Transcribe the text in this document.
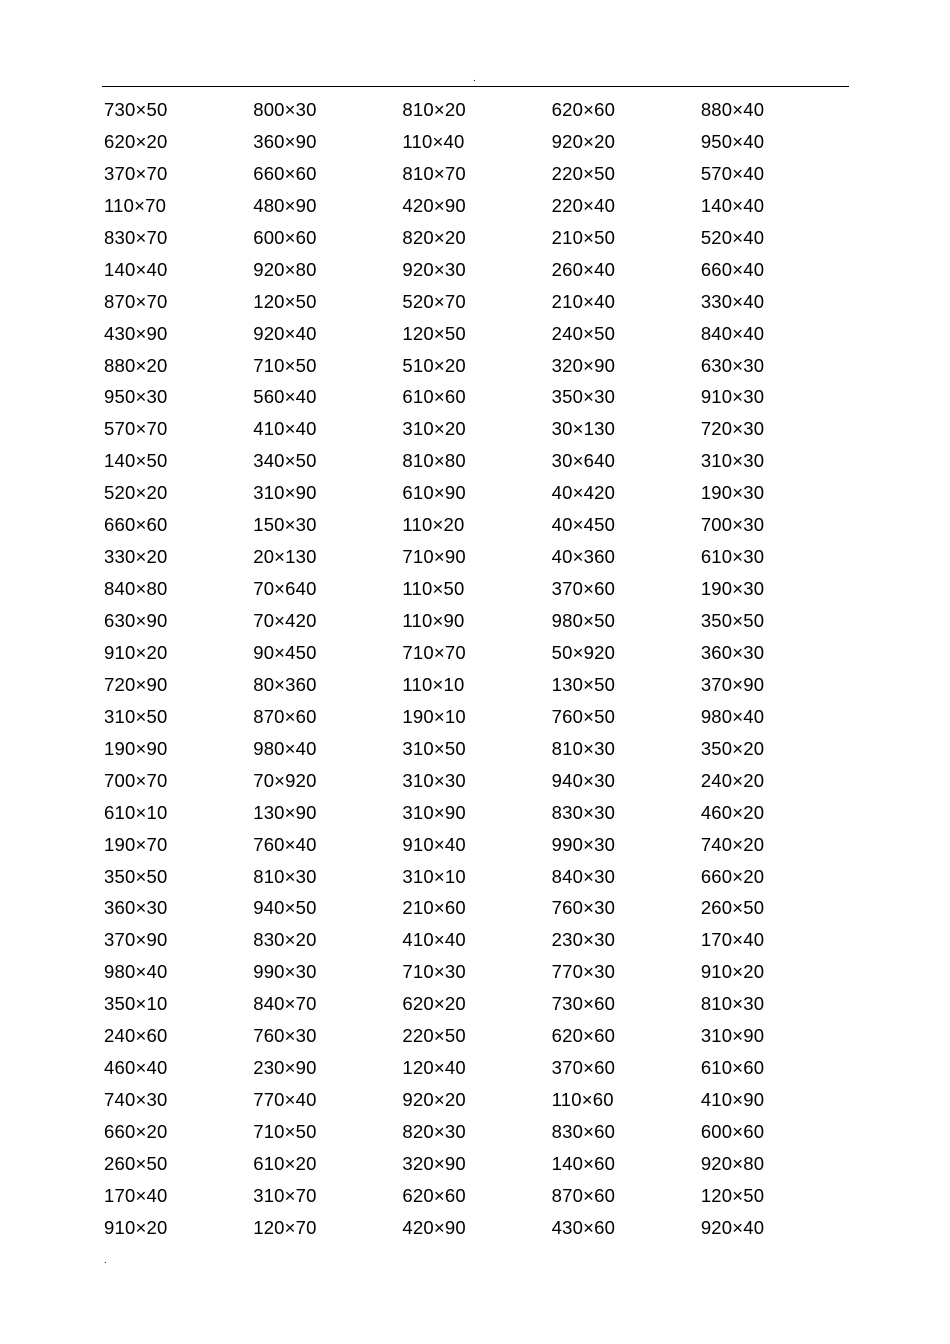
.
730×50	800×30	810×20	620×60	880×40
620×20	360×90	110×40	920×20	950×40
370×70	660×60	810×70	220×50	570×40
110×70	480×90	420×90	220×40	140×40
830×70	600×60	820×20	210×50	520×40
140×40	920×80	920×30	260×40	660×40
870×70	120×50	520×70	210×40	330×40
430×90	920×40	120×50	240×50	840×40
880×20	710×50	510×20	320×90	630×30
950×30	560×40	610×60	350×30	910×30
570×70	410×40	310×20	30×130	720×30
140×50	340×50	810×80	30×640	310×30
520×20	310×90	610×90	40×420	190×30
660×60	150×30	110×20	40×450	700×30
330×20	20×130	710×90	40×360	610×30
840×80	70×640	110×50	370×60	190×30
630×90	70×420	110×90	980×50	350×50
910×20	90×450	710×70	50×920	360×30
720×90	80×360	110×10	130×50	370×90
310×50	870×60	190×10	760×50	980×40
190×90	980×40	310×50	810×30	350×20
700×70	70×920	310×30	940×30	240×20
610×10	130×90	310×90	830×30	460×20
190×70	760×40	910×40	990×30	740×20
350×50	810×30	310×10	840×30	660×20
360×30	940×50	210×60	760×30	260×50
370×90	830×20	410×40	230×30	170×40
980×40	990×30	710×30	770×30	910×20
350×10	840×70	620×20	730×60	810×30
240×60	760×30	220×50	620×60	310×90
460×40	230×90	120×40	370×60	610×60
740×30	770×40	920×20	110×60	410×90
660×20	710×50	820×30	830×60	600×60
260×50	610×20	320×90	140×60	920×80
170×40	310×70	620×60	870×60	120×50
910×20	120×70	420×90	430×60	920×40
.
